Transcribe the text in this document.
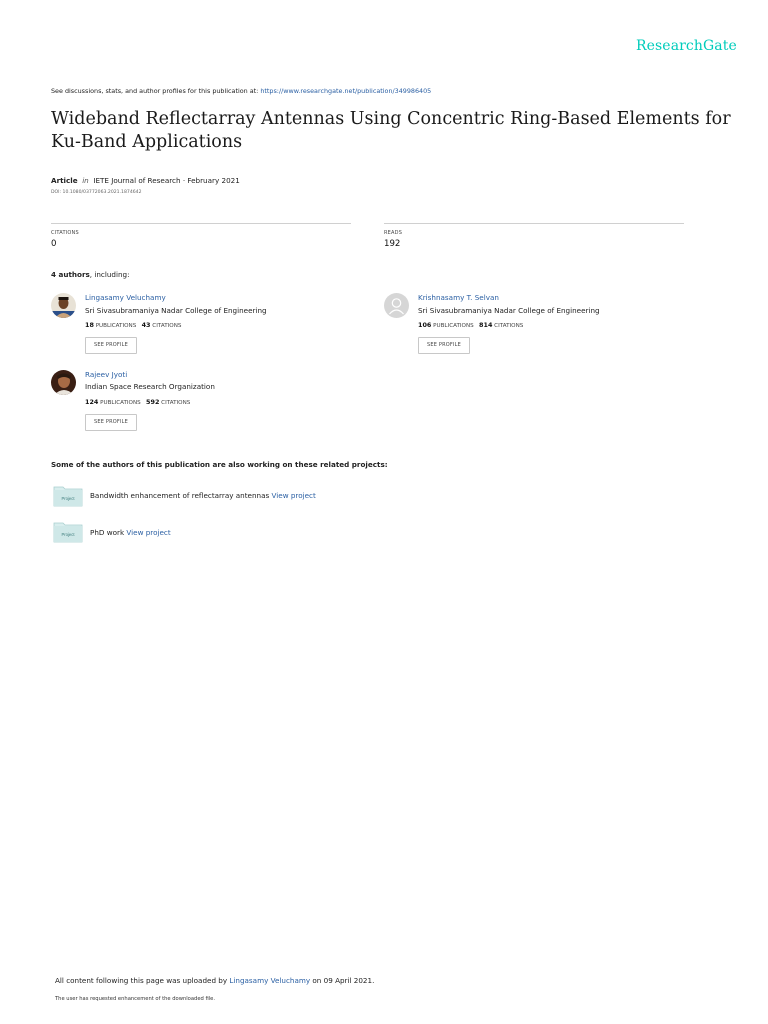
ResearchGate
See discussions, stats, and author profiles for this publication at: https://www.researchgate.net/publication/349986405
Wideband Reflectarray Antennas Using Concentric Ring-Based Elements for Ku-Band Applications
Article in IETE Journal of Research · February 2021
DOI: 10.1080/03772063.2021.1874642
CITATIONS
0
READS
192
4 authors, including:
Lingasamy Veluchamy
Sri Sivasubramaniya Nadar College of Engineering
18 PUBLICATIONS 43 CITATIONS
SEE PROFILE
Krishnasamy T. Selvan
Sri Sivasubramaniya Nadar College of Engineering
106 PUBLICATIONS 814 CITATIONS
SEE PROFILE
Rajeev Jyoti
Indian Space Research Organization
124 PUBLICATIONS 592 CITATIONS
SEE PROFILE
Some of the authors of this publication are also working on these related projects:
Project Bandwidth enhancement of reflectarray antennas View project
Project PhD work View project
All content following this page was uploaded by Lingasamy Veluchamy on 09 April 2021.
The user has requested enhancement of the downloaded file.
